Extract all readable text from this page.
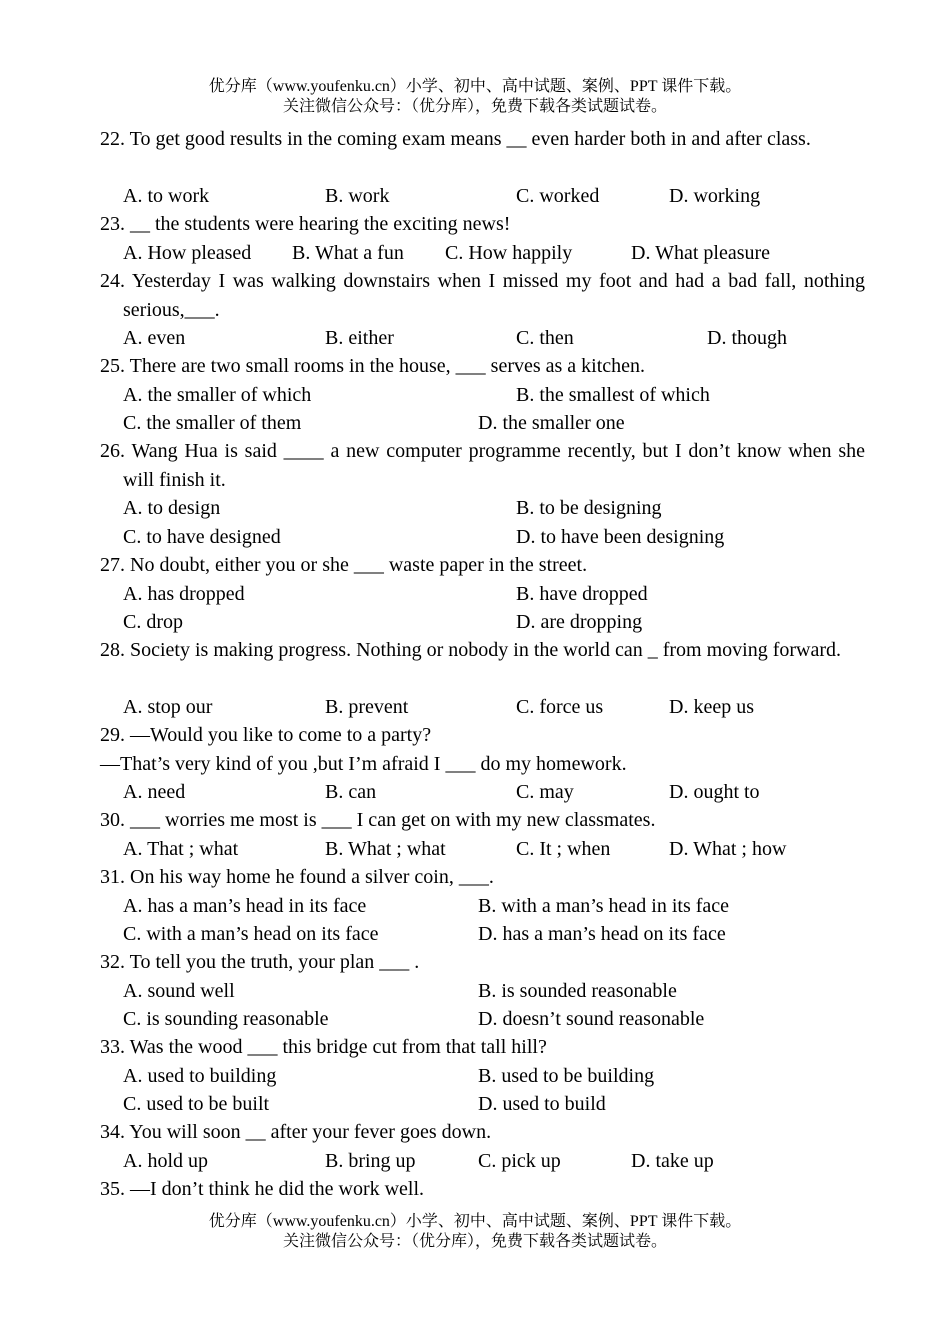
优分库（www.youfenku.cn）小学、初中、高中试题、案例、PPT 课件下载。
关注微信公众号：（优分库），免费下载各类试题试卷。
22. To get good results in the coming exam means __ even harder both in and after class.
A. to work	B. work	C. worked	D. working
23. __ the students were hearing the exciting news!
A. How pleased B. What a fun C. How happily	D. What pleasure
24. Yesterday I was walking downstairs when I missed my foot and had a bad fall, nothing serious,___.
A. even	B. either	C. then	D. though
25. There are two small rooms in the house, ___ serves as a kitchen.
A. the smaller of which	B. the smallest of which
C. the smaller of them	D. the smaller one
26. Wang Hua is said ____ a new computer programme recently, but I don’t know when she will finish it.
A. to design	B. to be designing
C. to have designed	D. to have been designing
27. No doubt, either you or she ___ waste paper in the street.
A. has dropped	B. have dropped
C. drop	D. are dropping
28. Society is making progress. Nothing or nobody in the world can _ from moving forward.
A. stop our	B. prevent	C. force us	D. keep us
29. —Would you like to come to a party?
—That’s very kind of you ,but I’m afraid I ___ do my homework.
A. need	B. can	C. may	D. ought to
30. ___ worries me most is ___ I can get on with my new classmates.
A. That ; what	B. What ; what	C. It ; when	D. What ; how
31. On his way home he found a silver coin, ___.
A. has a man’s head in its face	B. with a man’s head in its face
C. with a man’s head on its face	D. has a man’s head on its face
32. To tell you the truth, your plan ___ .
A. sound well	B. is sounded reasonable
C. is sounding reasonable	D. doesn’t sound reasonable
33. Was the wood ___ this bridge cut from that tall hill?
A. used to building	B. used to be building
C. used to be built	D. used to build
34. You will soon __ after your fever goes down.
A. hold up	B. bring up	C. pick up	D. take up
35. —I don’t think he did the work well.
优分库（www.youfenku.cn）小学、初中、高中试题、案例、PPT 课件下载。
关注微信公众号：（优分库），免费下载各类试题试卷。
